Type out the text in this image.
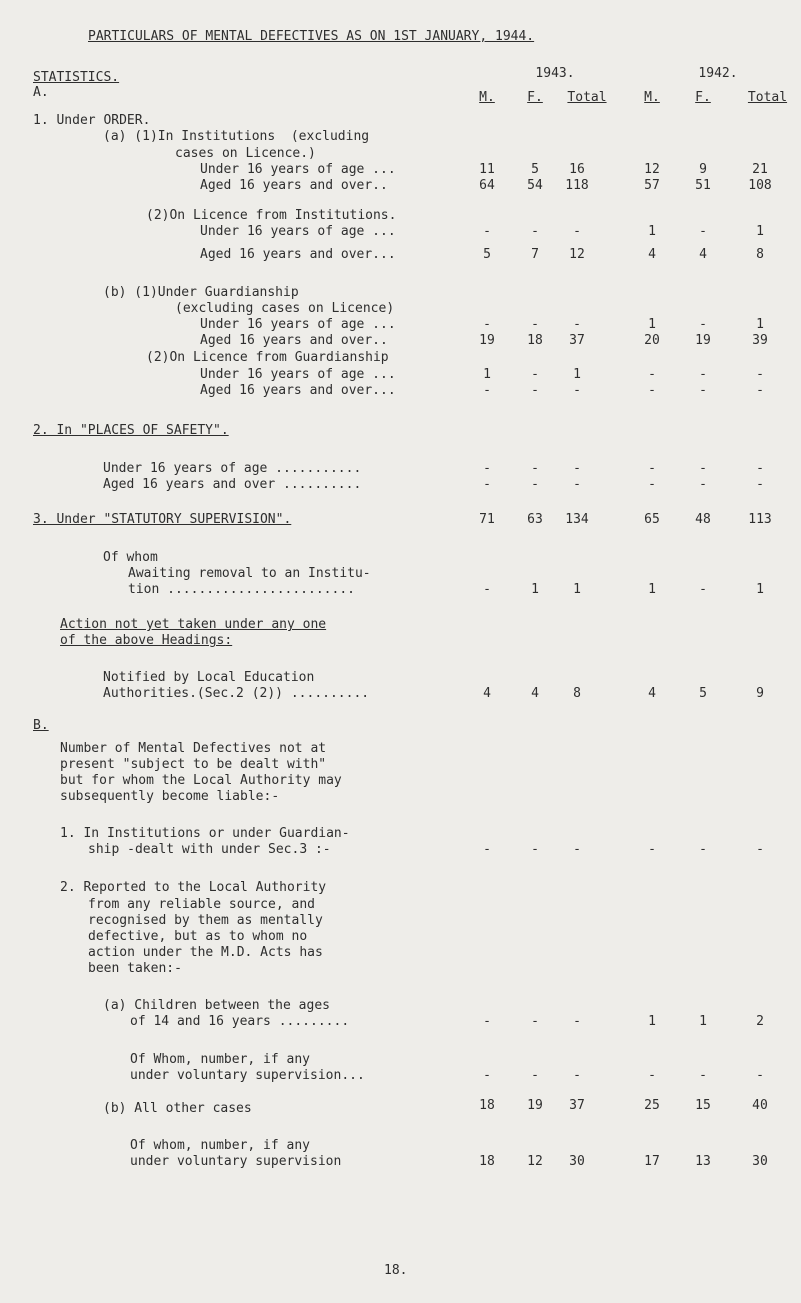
PARTICULARS OF MENTAL DEFECTIVES AS ON 1ST JANUARY, 1944.
STATISTICS.
A.
1943.	1942.
M.	F.	Total	M.	F.	Total
1. Under ORDER.
(a) (1)In Institutions  (excluding
cases on Licence.)
Under 16 years of age ...	11	5	16	12	9	21
Aged 16 years and over..	64	54	118	57	51	108
(2)On Licence from Institutions.
Under 16 years of age ...	-	-	-	1	-	1
Aged 16 years and over...	5	7	12	4	4	8
(b) (1)Under Guardianship
(excluding cases on Licence)
Under 16 years of age ...	-	-	-	1	-	1
Aged 16 years and over..	19	18	37	20	19	39
(2)On Licence from Guardianship
Under 16 years of age ...	1	-	1	-	-	-
Aged 16 years and over...	-	-	-	-	-	-
2. In "PLACES OF SAFETY".
Under 16 years of age ...........	-	-	-	-	-	-
Aged 16 years and over ..........	-	-	-	-	-	-
3. Under "STATUTORY SUPERVISION".	71	63	134	65	48	113
Of whom
Awaiting removal to an Institu-
tion ........................	-	1	1	1	-	1
Action not yet taken under any one
of the above Headings:
Notified by Local Education
Authorities.(Sec.2 (2)) ..........	4	4	8	4	5	9
B.
Number of Mental Defectives not at
present "subject to be dealt with"
but for whom the Local Authority may
subsequently become liable:-
1. In Institutions or under Guardian-
ship -dealt with under Sec.3 :-	-	-	-	-	-	-
2. Reported to the Local Authority
from any reliable source, and
recognised by them as mentally
defective, but as to whom no
action under the M.D. Acts has
been taken:-
(a) Children between the ages
of 14 and 16 years .........	-	-	-	1	1	2
Of Whom, number, if any
under voluntary supervision...	-	-	-	-	-	-
(b) All other cases	18	19	37	25	15	40
Of whom, number, if any
under voluntary supervision	18	12	30	17	13	30
18.
